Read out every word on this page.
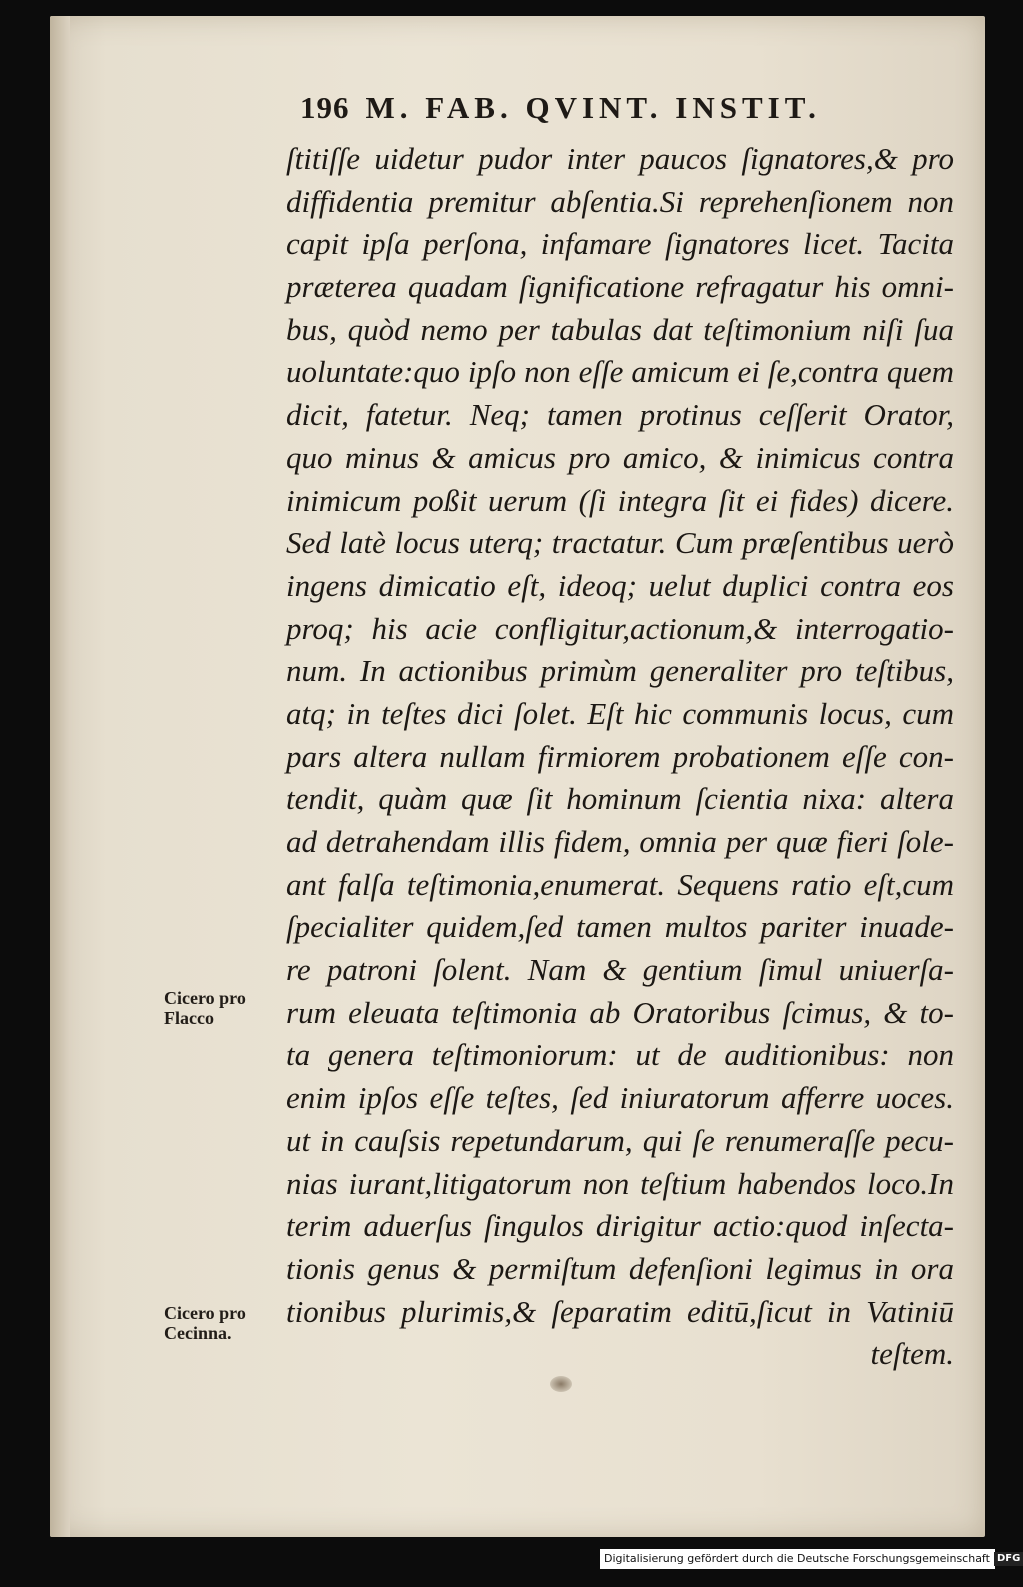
196 M. FAB. QVINT. INSTIT.
ſtitiſſe uidetur pudor inter paucos ſignatores,& pro
diffidentia premitur abſentia.Si reprehenſionem non
capit ipſa perſona, infamare ſignatores licet. Tacita
præterea quadam ſignificatione refragatur his omni-
bus, quòd nemo per tabulas dat teſtimonium niſi ſua
uoluntate:quo ipſo non eſſe amicum ei ſe,contra quem
dicit, fatetur. Neq; tamen protinus ceſſerit Orator,
quo minus & amicus pro amico, & inimicus contra
inimicum poßit uerum (ſi integra ſit ei fides) dicere.
Sed latè locus uterq; tractatur. Cum præſentibus uerò
ingens dimicatio eſt, ideoq; uelut duplici contra eos
proq; his acie confligitur,actionum,& interrogatio-
num. In actionibus primùm generaliter pro teſtibus,
atq; in teſtes dici ſolet. Eſt hic communis locus, cum
pars altera nullam firmiorem probationem eſſe con-
tendit, quàm quæ ſit hominum ſcientia nixa: altera
ad detrahendam illis fidem, omnia per quæ fieri ſole-
ant falſa teſtimonia,enumerat. Sequens ratio eſt,cum
ſpecialiter quidem,ſed tamen multos pariter inuade-
re patroni ſolent. Nam & gentium ſimul uniuerſa-
rum eleuata teſtimonia ab Oratoribus ſcimus, & to-
ta genera teſtimoniorum: ut de auditionibus: non
enim ipſos eſſe teſtes, ſed iniuratorum afferre uoces.
ut in cauſsis repetundarum, qui ſe renumeraſſe pecu-
nias iurant,litigatorum non teſtium habendos loco.In
terim aduerſus ſingulos dirigitur actio:quod inſecta-
tionis genus & permiſtum defenſioni legimus in ora
tionibus plurimis,& ſeparatim editū,ſicut in Vatiniū
teſtem.
Cicero pro
Flacco
Cicero pro
Cecinna.
Digitalisierung gefördert durch die Deutsche Forschungsgemeinschaft DFG
